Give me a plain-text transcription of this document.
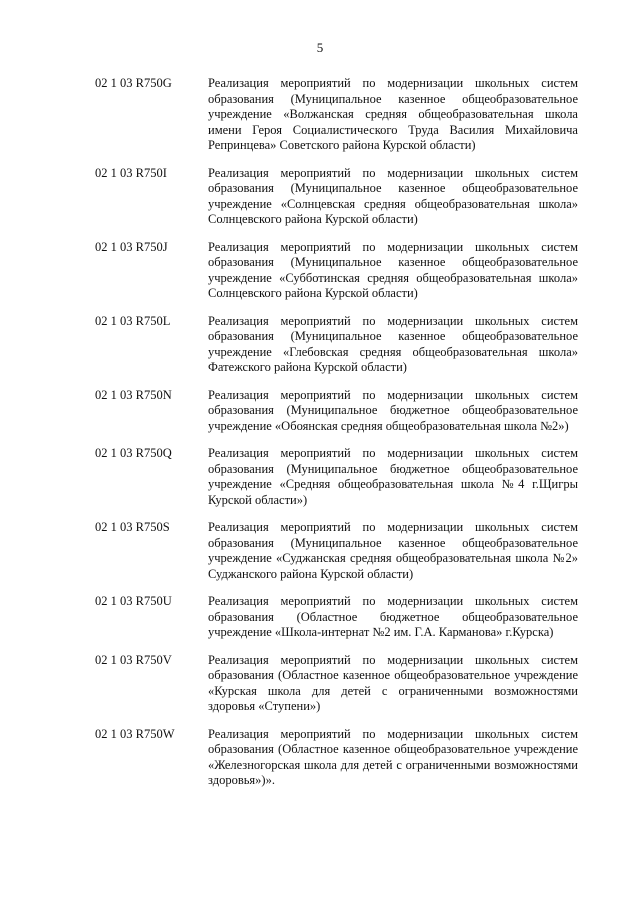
5
02 1 03 R750G	Реализация мероприятий по модернизации школьных систем образования (Муниципальное казенное общеобразовательное учреждение «Волжанская средняя общеобразовательная школа имени Героя Социалистического Труда Василия Михайловича Репринцева» Советского района Курской области)
02 1 03 R750I	Реализация мероприятий по модернизации школьных систем образования (Муниципальное казенное общеобразовательное учреждение «Солнцевская средняя общеобразовательная школа» Солнцевского района Курской области)
02 1 03 R750J	Реализация мероприятий по модернизации школьных систем образования (Муниципальное казенное общеобразовательное учреждение «Субботинская средняя общеобразовательная школа» Солнцевского района Курской области)
02 1 03 R750L	Реализация мероприятий по модернизации школьных систем образования (Муниципальное казенное общеобразовательное учреждение «Глебовская средняя общеобразовательная школа» Фатежского района Курской области)
02 1 03 R750N	Реализация мероприятий по модернизации школьных систем образования (Муниципальное бюджетное общеобразовательное учреждение «Обоянская средняя общеобразовательная школа №2»)
02 1 03 R750Q	Реализация мероприятий по модернизации школьных систем образования (Муниципальное бюджетное общеобразовательное учреждение «Средняя общеобразовательная школа №4 г.Щигры Курской области»)
02 1 03 R750S	Реализация мероприятий по модернизации школьных систем образования (Муниципальное казенное общеобразовательное учреждение «Суджанская средняя общеобразовательная школа №2» Суджанского района Курской области)
02 1 03 R750U	Реализация мероприятий по модернизации школьных систем образования (Областное бюджетное общеобразовательное учреждение «Школа-интернат №2 им. Г.А. Карманова» г.Курска)
02 1 03 R750V	Реализация мероприятий по модернизации школьных систем образования (Областное казенное общеобразовательное учреждение «Курская школа для детей с ограниченными возможностями здоровья «Ступени»)
02 1 03 R750W	Реализация мероприятий по модернизации школьных систем образования (Областное казенное общеобразовательное учреждение «Железногорская школа для детей с ограниченными возможностями здоровья»)».
